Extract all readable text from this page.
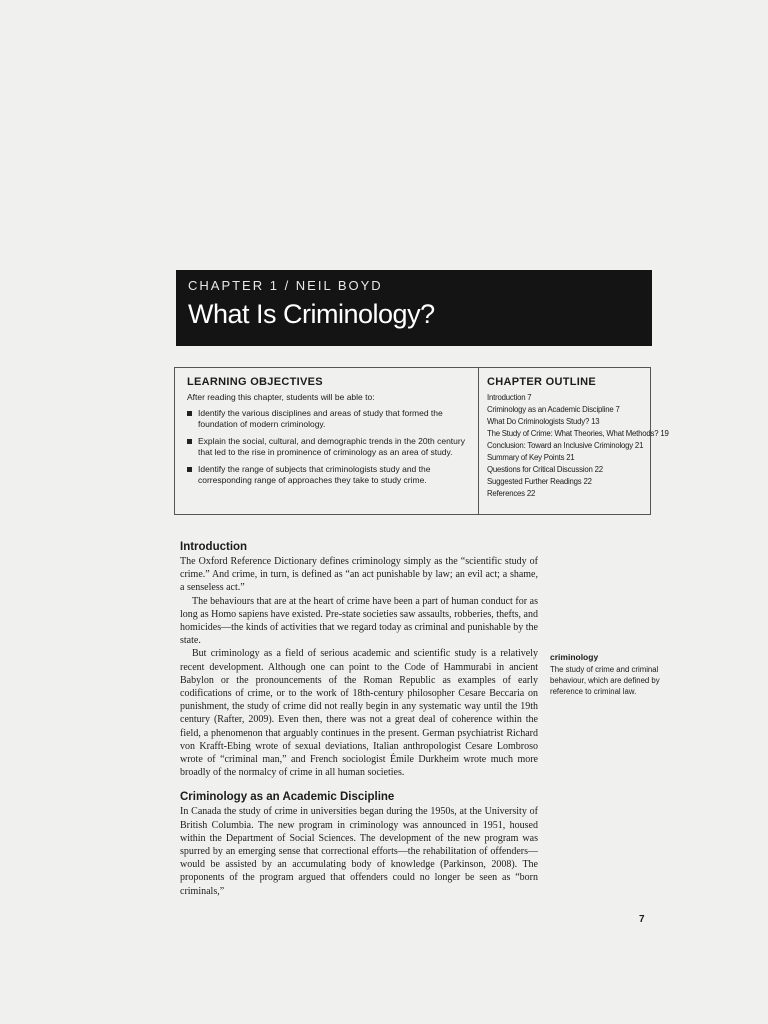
CHAPTER 1 / NEIL BOYD
What Is Criminology?
LEARNING OBJECTIVES
After reading this chapter, students will be able to:
Identify the various disciplines and areas of study that formed the foundation of modern criminology.
Explain the social, cultural, and demographic trends in the 20th century that led to the rise in prominence of criminology as an area of study.
Identify the range of subjects that criminologists study and the corresponding range of approaches they take to study crime.
CHAPTER OUTLINE
Introduction 7
Criminology as an Academic Discipline 7
What Do Criminologists Study? 13
The Study of Crime: What Theories, What Methods? 19
Conclusion: Toward an Inclusive Criminology 21
Summary of Key Points 21
Questions for Critical Discussion 22
Suggested Further Readings 22
References 22
Introduction

The Oxford Reference Dictionary defines criminology simply as the “scientific study of crime.” And crime, in turn, is defined as “an act punishable by law; an evil act; a shame, a senseless act.”

The behaviours that are at the heart of crime have been a part of human conduct for as long as Homo sapiens have existed. Pre-state societies saw assaults, robberies, thefts, and homicides—the kinds of activities that we regard today as criminal and punishable by the state.

But criminology as a field of serious academic and scientific study is a relatively recent development. Although one can point to the Code of Hammurabi in ancient Babylon or the pronouncements of the Roman Republic as examples of early codifications of crime, or to the work of 18th-century philosopher Cesare Beccaria on punishment, the study of crime did not really begin in any systematic way until the 19th century (Rafter, 2009). Even then, there was not a great deal of coherence within the field, a phenomenon that arguably continues in the present. German psychiatrist Richard von Krafft-Ebing wrote of sexual deviations, Italian anthropologist Cesare Lombroso wrote of “criminal man,” and French sociologist Émile Durkheim wrote much more broadly of the normalcy of crime in all human societies.

Criminology as an Academic Discipline

In Canada the study of crime in universities began during the 1950s, at the University of British Columbia. The new program in criminology was announced in 1951, housed within the Department of Social Sciences. The development of the new program was spurred by an emerging sense that correctional efforts—the rehabilitation of offenders—would be assisted by an accumulating body of knowledge (Parkinson, 2008). The proponents of the program argued that offenders could no longer be seen as “born criminals,”

criminology
The study of crime and criminal behaviour, which are defined by reference to criminal law.
7
